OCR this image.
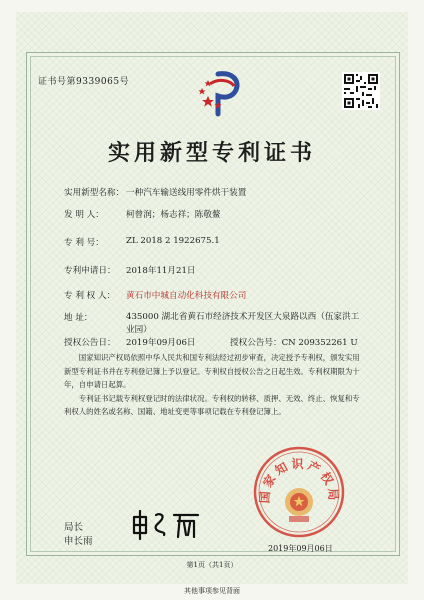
证书号第9339065号
实用新型专利证书
实用新型名称： 一种汽车输送线用零件烘干装置
发 明 人：	柯曾润；杨志祥；陈敬鳌
专 利 号：	ZL 2018 2 1922675.1
专利申请日：	2018年11月21日
专 利 权 人：	黄石市中城自动化科技有限公司
地 址：	435000 湖北省黄石市经济技术开发区大泉路以西（伍家洪工业园）
授权公告日：	2019年09月06日	授权公告号：CN 209352261 U

国家知识产权局依照中华人民共和国专利法经过初步审查，决定授予专利权，颁发实用新型专利证书并在专利登记簿上予以登记。专利权自授权公告之日起生效。专利权期限为十年，自申请日起算。

专利证书记载专利权登记时的法律状况。专利权的转移、质押、无效、终止、恢复和专利权人的姓名或名称、国籍、地址变更等事项记载在专利登记簿上。

国家知识产权局
2019年09月06日
局长
申长雨
第1页（共1页）
其他事项参见背面
